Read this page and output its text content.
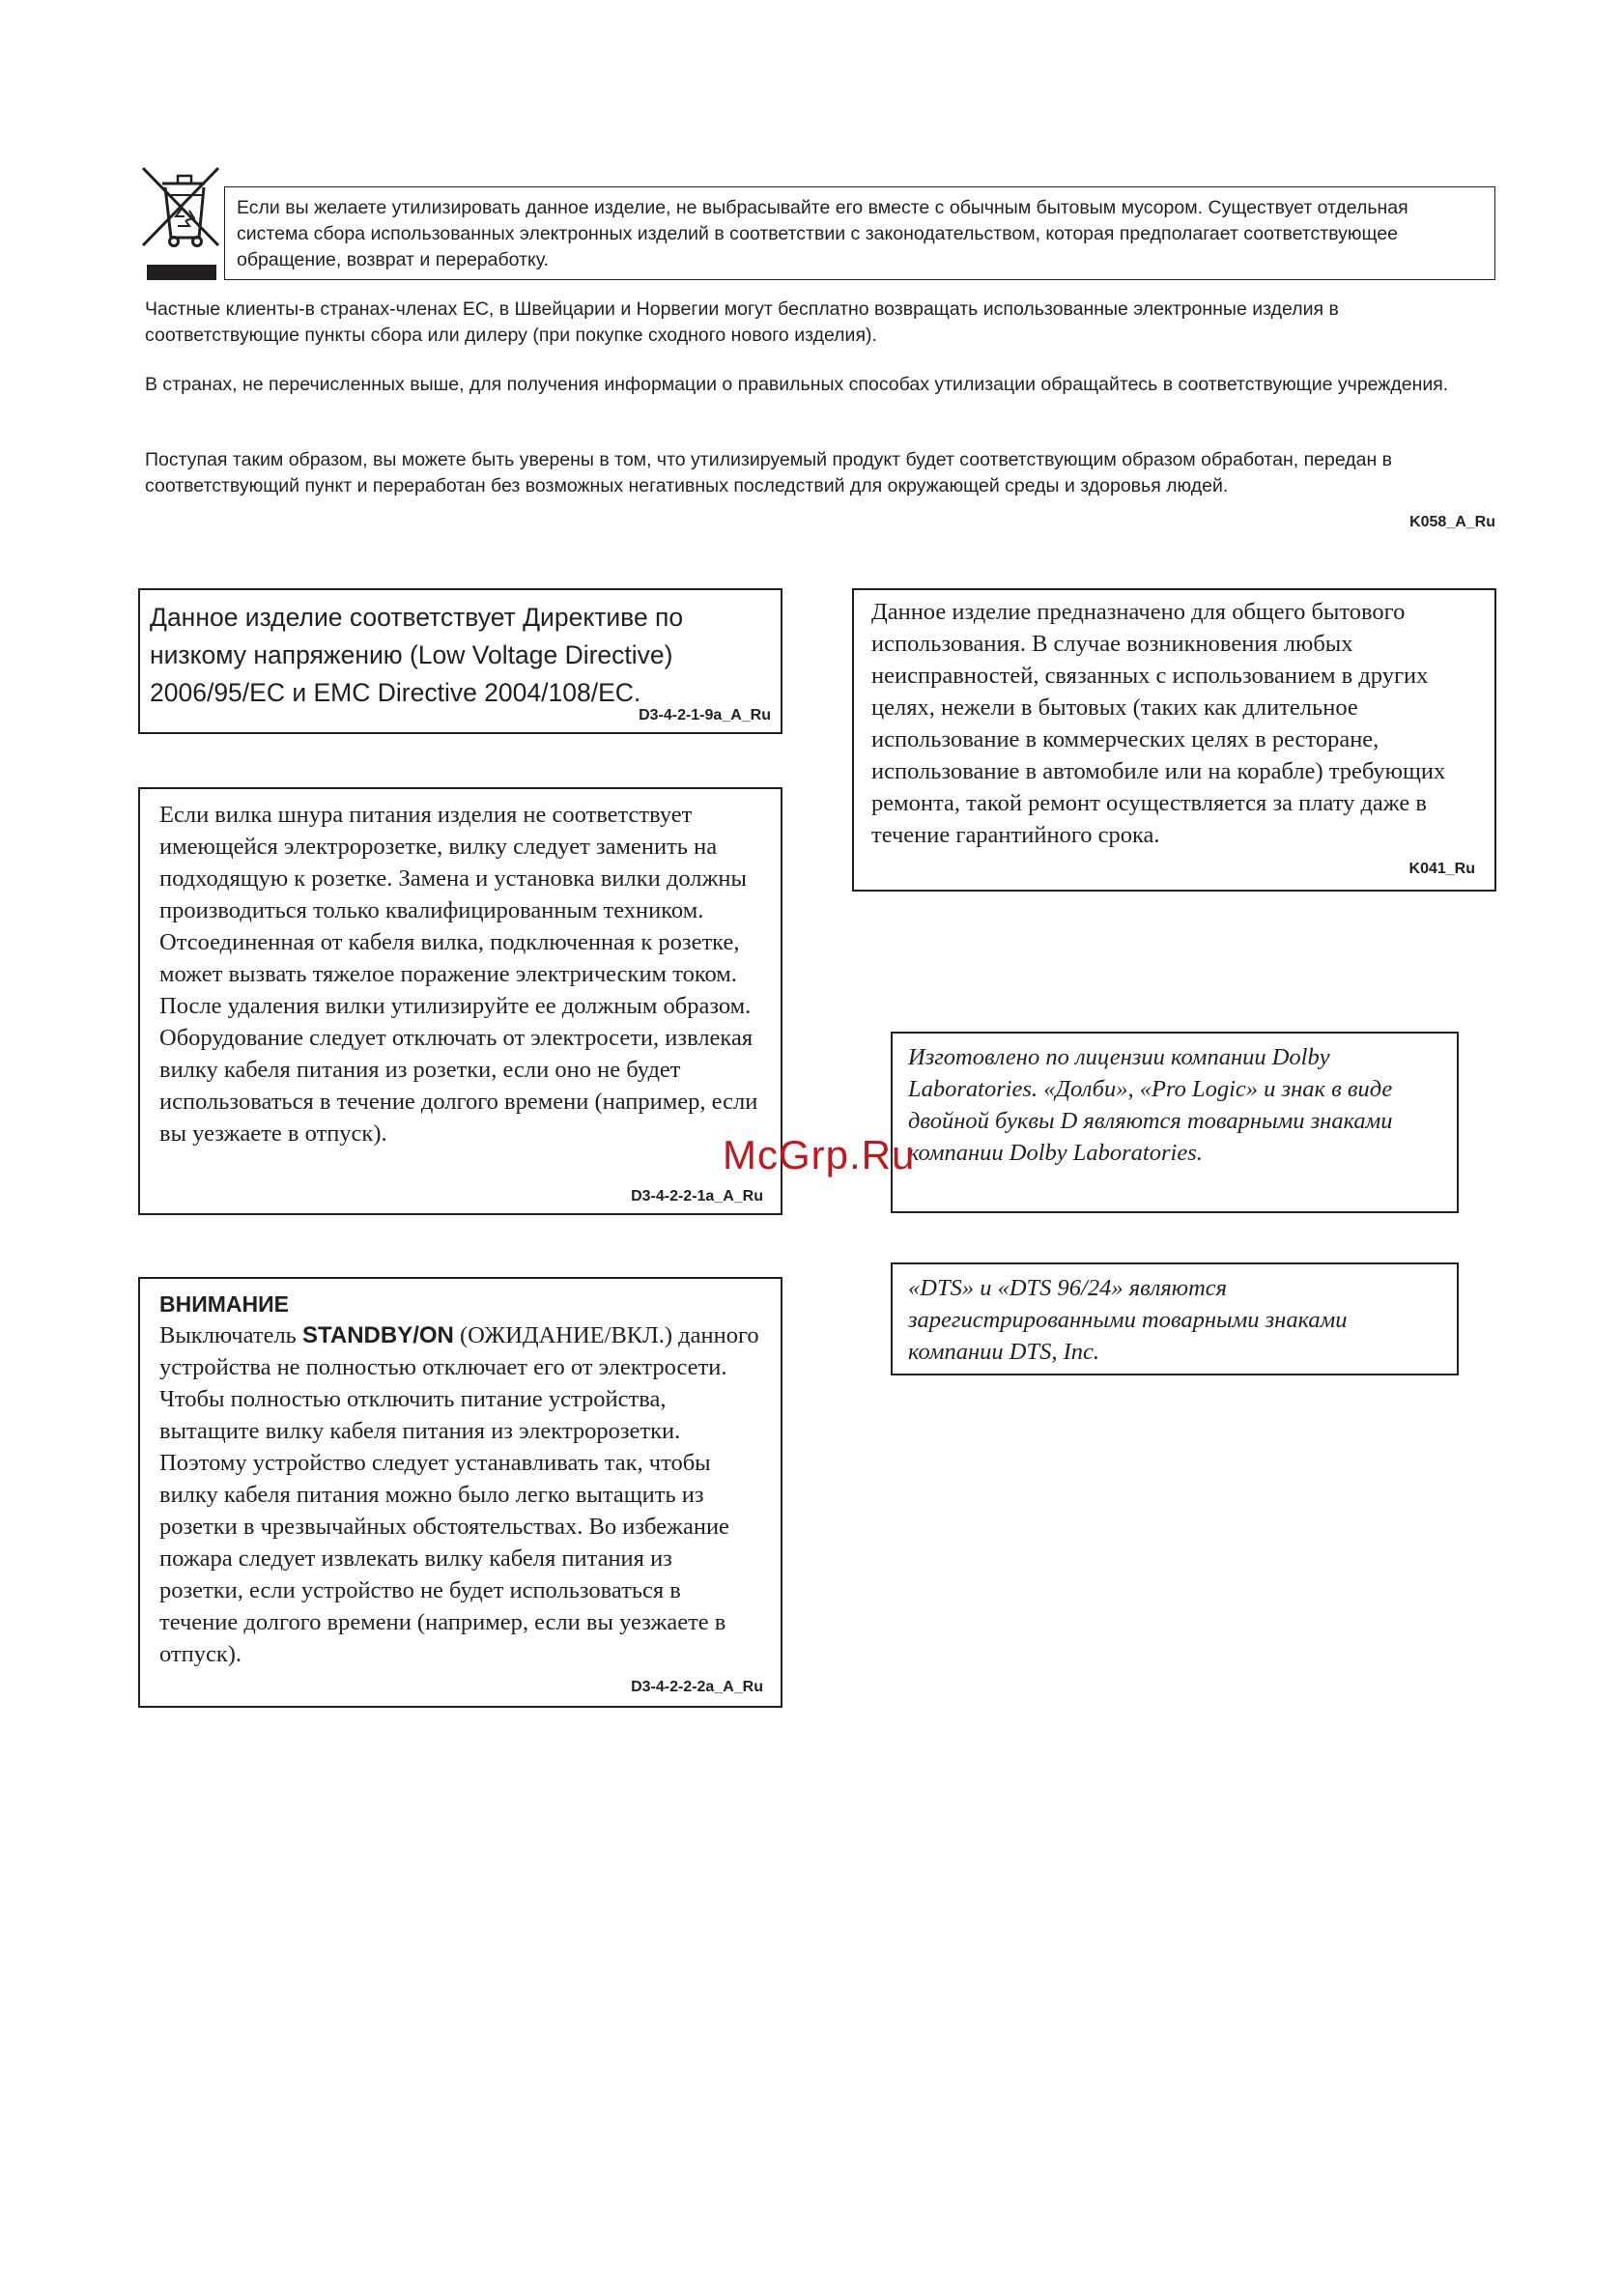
Если вы желаете утилизировать данное изделие, не выбрасывайте его вместе с обычным бытовым мусором. Существует отдельная система сбора использованных электронных изделий в соответствии с законодательством, которая предполагает соответствующее обращение, возврат и переработку.

Частные клиенты-в странах-членах ЕС, в Швейцарии и Норвегии могут бесплатно возвращать использованные электронные изделия в соответствующие пункты сбора или дилеру (при покупке сходного нового изделия).

В странах, не перечисленных выше, для получения информации о правильных способах утилизации обращайтесь в соответствующие учреждения.

Поступая таким образом, вы можете быть уверены в том, что утилизируемый продукт будет соответствующим образом обработан, передан в соответствующий пункт и переработан без возможных негативных последствий для окружающей среды и здоровья людей.

K058_A_Ru
Данное изделие соответствует Директиве по низкому напряжению (Low Voltage Directive) 2006/95/EC и EMC Directive 2004/108/EC.
D3-4-2-1-9a_A_Ru
Данное изделие предназначено для общего бытового использования. В случае возникновения любых неисправностей, связанных с использованием в других целях, нежели в бытовых (таких как длительное использование в коммерческих целях в ресторане, использование в автомобиле или на корабле) требующих ремонта, такой ремонт осуществляется за плату даже в течение гарантийного срока.
K041_Ru
Если вилка шнура питания изделия не соответствует имеющейся электророзетке, вилку следует заменить на подходящую к розетке. Замена и установка вилки должны производиться только квалифицированным техником. Отсоединенная от кабеля вилка, подключенная к розетке, может вызвать тяжелое поражение электрическим током. После удаления вилки утилизируйте ее должным образом. Оборудование следует отключать от электросети, извлекая вилку кабеля питания из розетки, если оно не будет использоваться в течение долгого времени (например, если вы уезжаете в отпуск).
D3-4-2-2-1a_A_Ru
Изготовлено по лицензии компании Dolby Laboratories. «Долби», «Pro Logic» и знак в виде двойной буквы D являются товарными знаками компании Dolby Laboratories.
«DTS» и «DTS 96/24» являются зарегистрированными товарными знаками компании DTS, Inc.
ВНИМАНИЕ
Выключатель STANDBY/ON (ОЖИДАНИЕ/ВКЛ.) данного устройства не полностью отключает его от электросети. Чтобы полностью отключить питание устройства, вытащите вилку кабеля питания из электророзетки. Поэтому устройство следует устанавливать так, чтобы вилку кабеля питания можно было легко вытащить из розетки в чрезвычайных обстоятельствах. Во избежание пожара следует извлекать вилку кабеля питания из розетки, если устройство не будет использоваться в течение долгого времени (например, если вы уезжаете в отпуск).
D3-4-2-2-2a_A_Ru
McGrp.Ru
